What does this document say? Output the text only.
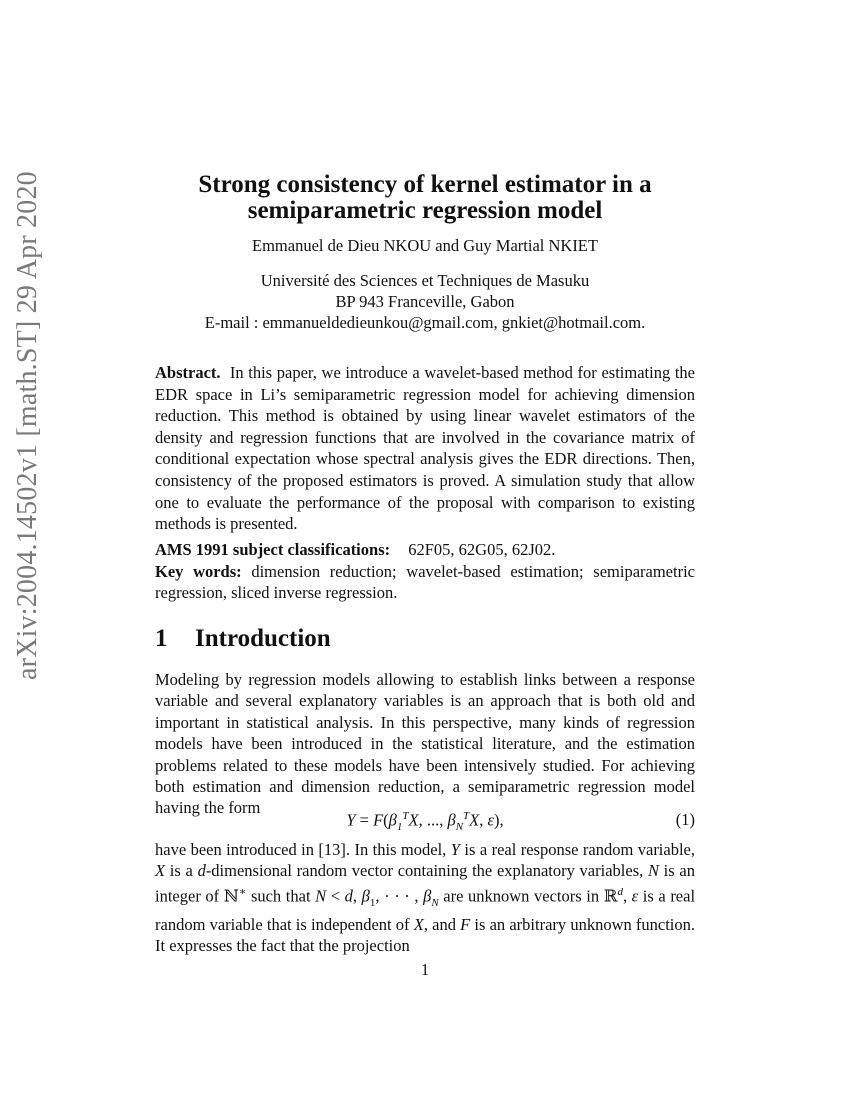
arXiv:2004.14502v1 [math.ST] 29 Apr 2020	Strong consistency of kernel estimator in a
semiparametric regression model
Emmanuel de Dieu NKOU and Guy Martial NKIET
Université des Sciences et Techniques de Masuku
BP 943 Franceville, Gabon
E-mail : emmanueldedieunkou@gmail.com, gnkiet@hotmail.com.
Abstract. In this paper, we introduce a wavelet-based method for estimating the EDR space in Li’s semiparametric regression model for achieving dimension reduction. This method is obtained by using linear wavelet estimators of the density and regression functions that are involved in the covariance matrix of conditional expectation whose spectral analysis gives the EDR directions. Then, consistency of the proposed estimators is proved. A simulation study that allow one to evaluate the performance of the proposal with comparison to existing methods is presented.
AMS 1991 subject classifications: 62F05, 62G05, 62J02.
Key words: dimension reduction; wavelet-based estimation; semiparametric regression, sliced inverse regression.
1 Introduction
Modeling by regression models allowing to establish links between a response variable and several explanatory variables is an approach that is both old and important in statistical analysis. In this perspective, many kinds of regression models have been introduced in the statistical literature, and the estimation problems related to these models have been intensively studied. For achieving both estimation and dimension reduction, a semiparametric regression model having the form
$Y = F(\beta_1^TX$, ..., $\beta_N^TX$, ε),	(1)
have been introduced in [13]. In this model, Y is a real response random variable, X is a d-dimensional random vector containing the explanatory variables, N is an integer of ℕ∗ such that N < d, $\beta_1$, · · · , $\beta_N$ are unknown vectors in ℝ$^d$, ε is a real random variable that is independent of X, and F is an arbitrary unknown function. It expresses the fact that the projection
1
